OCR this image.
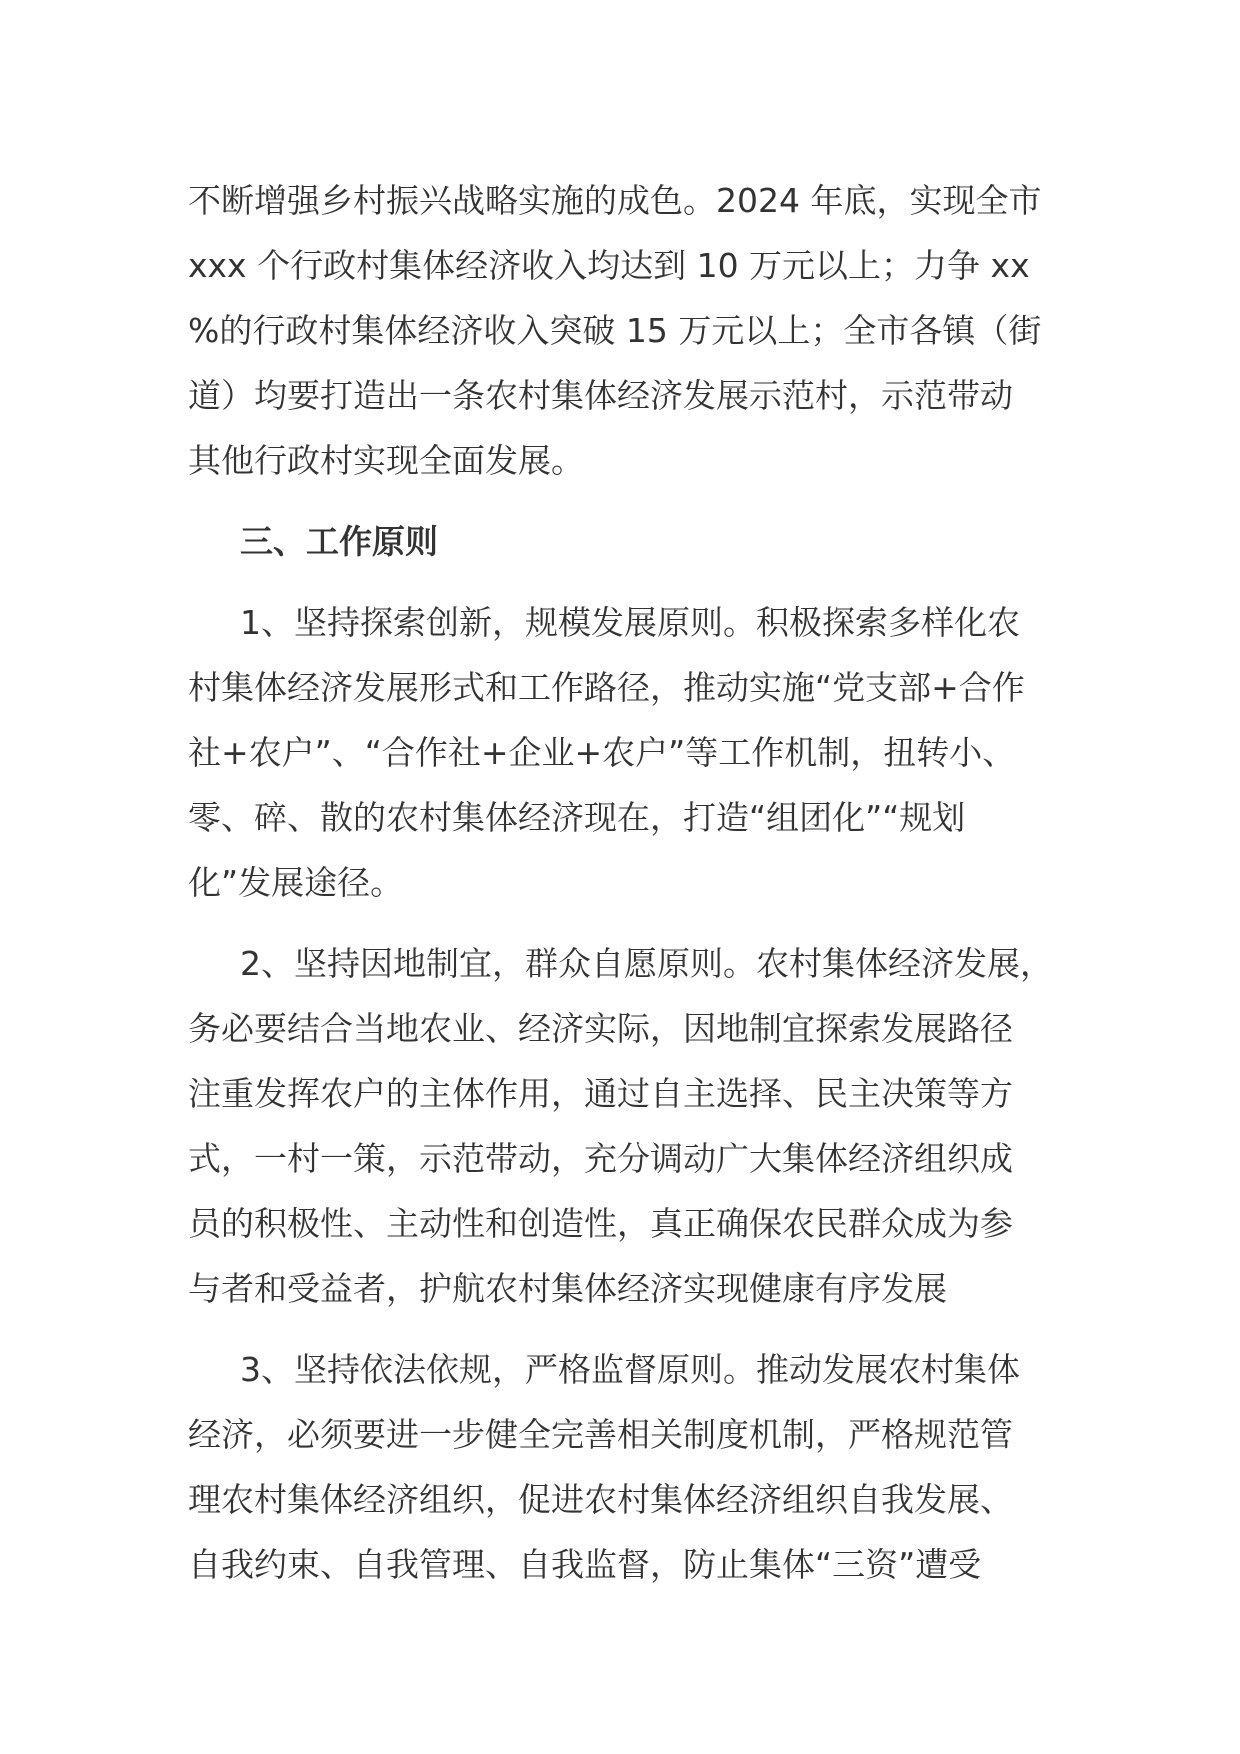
不断增强乡村振兴战略实施的成色。2024 年底，实现全市
xxx 个行政村集体经济收入均达到 10 万元以上；力争 xx
%的行政村集体经济收入突破 15 万元以上；全市各镇（街
道）均要打造出一条农村集体经济发展示范村，示范带动
其他行政村实现全面发展。
三、工作原则
1、坚持探索创新，规模发展原则。积极探索多样化农
村集体经济发展形式和工作路径，推动实施“党支部+合作
社+农户”、“合作社+企业+农户”等工作机制，扭转小、
零、碎、散的农村集体经济现在，打造“组团化”“规划
化”发展途径。
2、坚持因地制宜，群众自愿原则。农村集体经济发展，
务必要结合当地农业、经济实际，因地制宜探索发展路径
注重发挥农户的主体作用，通过自主选择、民主决策等方
式，一村一策，示范带动，充分调动广大集体经济组织成
员的积极性、主动性和创造性，真正确保农民群众成为参
与者和受益者，护航农村集体经济实现健康有序发展
3、坚持依法依规，严格监督原则。推动发展农村集体
经济，必须要进一步健全完善相关制度机制，严格规范管
理农村集体经济组织，促进农村集体经济组织自我发展、
自我约束、自我管理、自我监督，防止集体“三资”遭受
